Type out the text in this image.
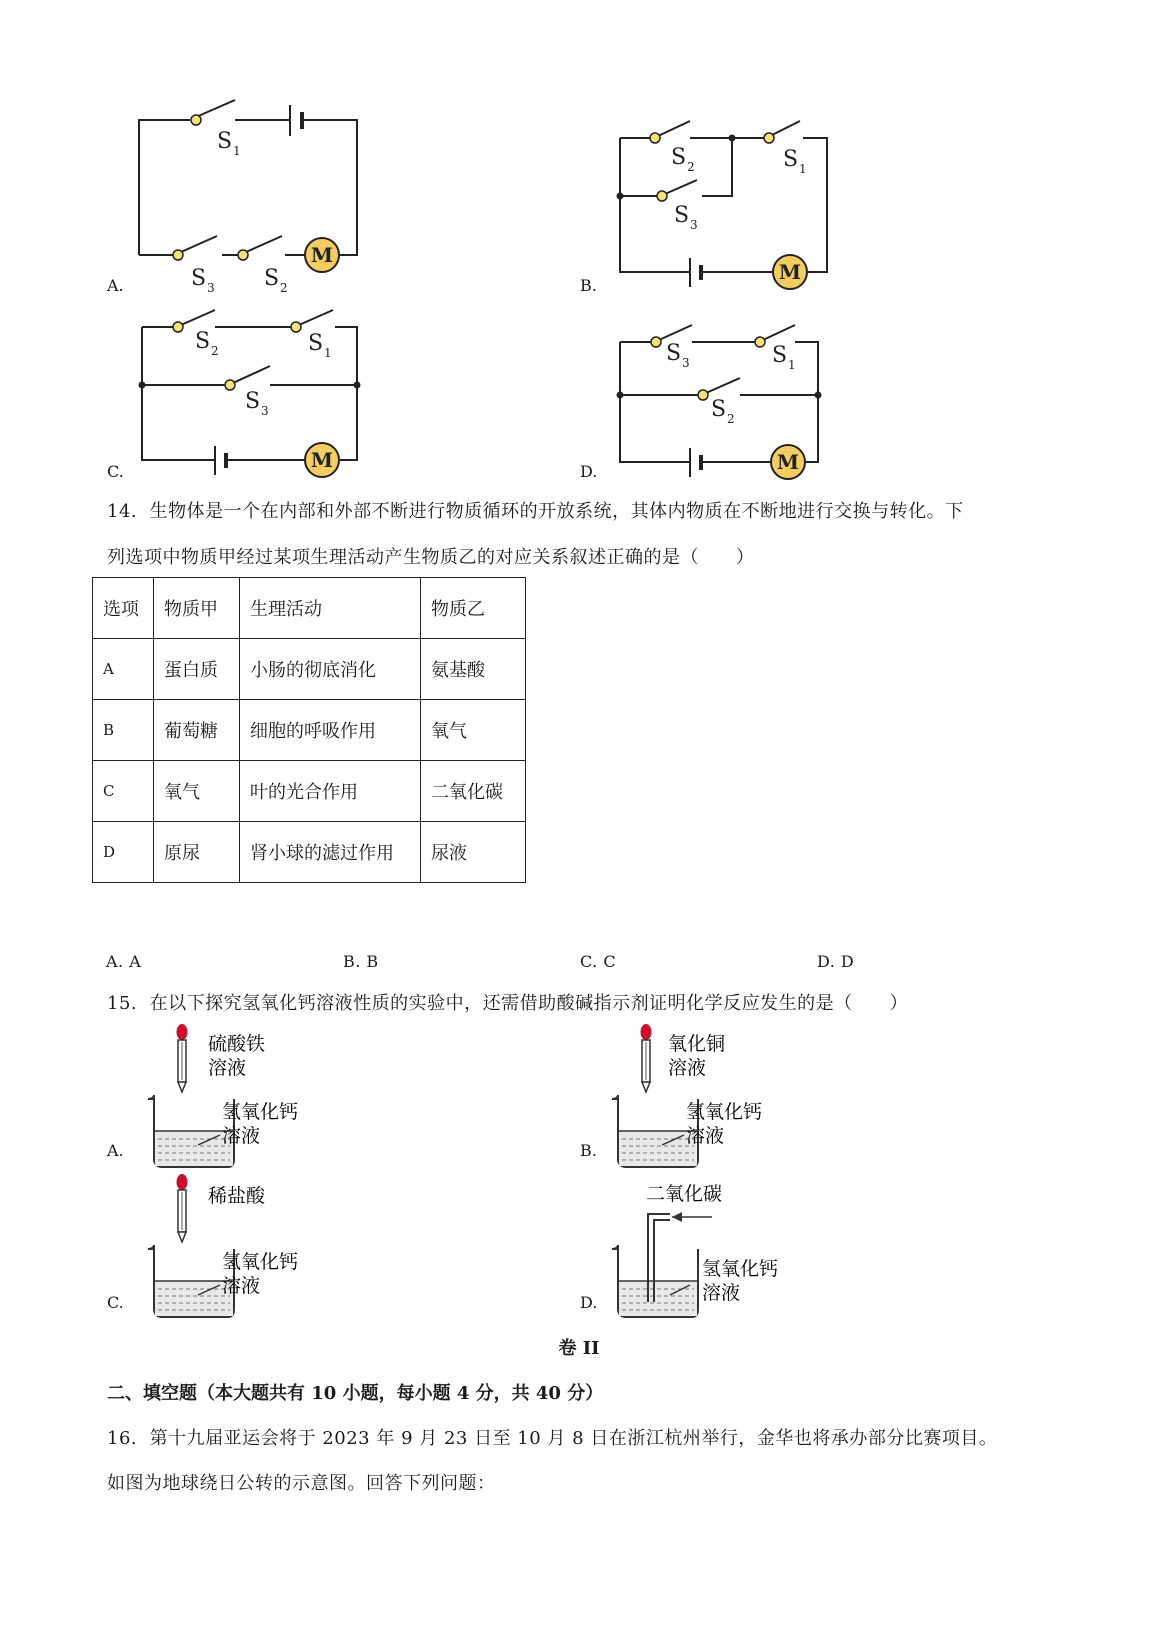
S 1
S 3 S 2
M
S 2	S 1
S 3
M
S 2	S 1
S 3
M
S 3	S 1
S 2
M
A.	B.
C.	D.
14. 生物体是一个在内部和外部不断进行物质循环的开放系统，其体内物质在不断地进行交换与转化。下
列选项中物质甲经过某项生理活动产生物质乙的对应关系叙述正确的是（　　）
选项	物质甲	生理活动	物质乙
A	蛋白质	小肠的彻底消化	氨基酸
B	葡萄糖	细胞的呼吸作用	氧气
C	氧气	叶的光合作用	二氧化碳
D	原尿	肾小球的滤过作用	尿液
A. A	B. B	C. C	D. D
15. 在以下探究氢氧化钙溶液性质的实验中，还需借助酸碱指示剂证明化学反应发生的是（　　）
硫酸铁
溶液
氢氧化钙
溶液
氧化铜
溶液
氢氧化钙
溶液
稀盐酸
氢氧化钙
溶液
二氧化碳
氢氧化钙
溶液
A.	B.
C.	D.
卷 II
二、填空题（本大题共有 10 小题，每小题 4 分，共 40 分）
16. 第十九届亚运会将于 2023 年 9 月 23 日至 10 月 8 日在浙江杭州举行，金华也将承办部分比赛项目。
如图为地球绕日公转的示意图。回答下列问题：
